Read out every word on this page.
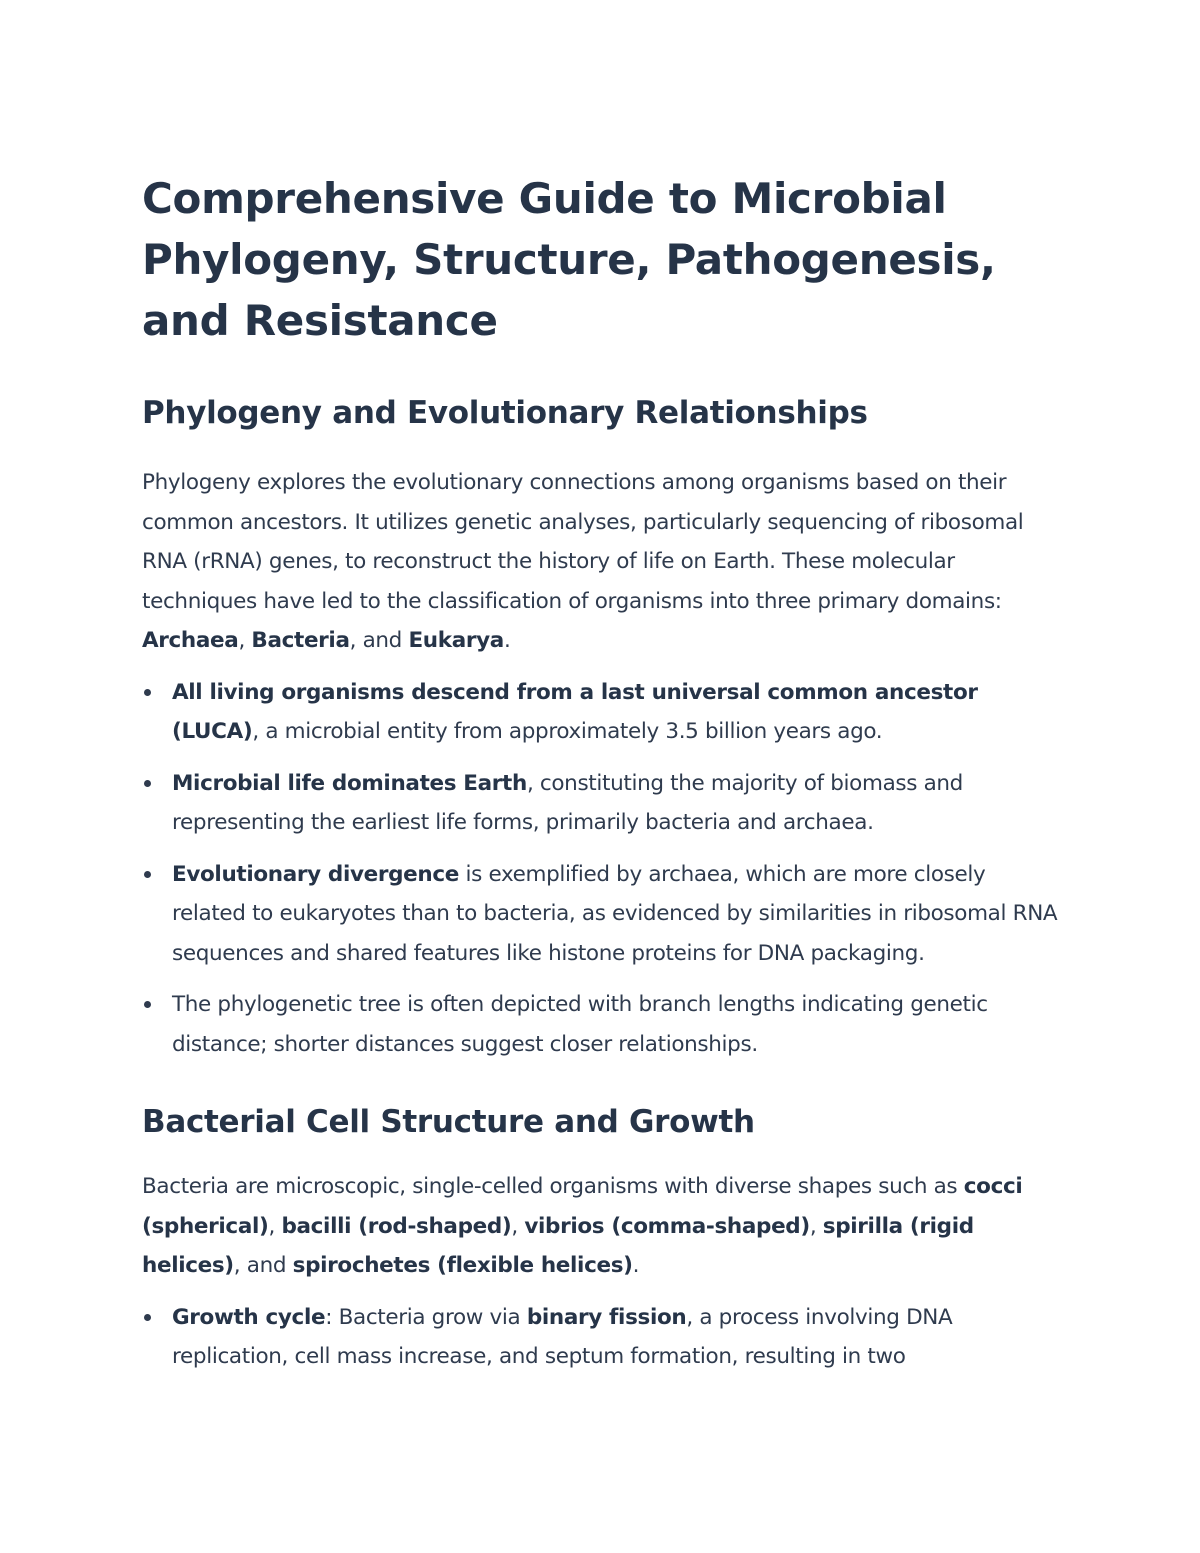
Comprehensive Guide to Microbial Phylogeny, Structure, Pathogenesis, and Resistance
Phylogeny and Evolutionary Relationships

Phylogeny explores the evolutionary connections among organisms based on their common ancestors. It utilizes genetic analyses, particularly sequencing of ribosomal RNA (rRNA) genes, to reconstruct the history of life on Earth. These molecular techniques have led to the classification of organisms into three primary domains: Archaea, Bacteria, and Eukarya.

All living organisms descend from a last universal common ancestor (LUCA), a microbial entity from approximately 3.5 billion years ago.
Microbial life dominates Earth, constituting the majority of biomass and representing the earliest life forms, primarily bacteria and archaea.
Evolutionary divergence is exemplified by archaea, which are more closely related to eukaryotes than to bacteria, as evidenced by similarities in ribosomal RNA sequences and shared features like histone proteins for DNA packaging.
The phylogenetic tree is often depicted with branch lengths indicating genetic distance; shorter distances suggest closer relationships.
Bacterial Cell Structure and Growth

Bacteria are microscopic, single-celled organisms with diverse shapes such as cocci (spherical), bacilli (rod-shaped), vibrios (comma-shaped), spirilla (rigid helices), and spirochetes (flexible helices).

Growth cycle: Bacteria grow via binary fission, a process involving DNA replication, cell mass increase, and septum formation, resulting in two
